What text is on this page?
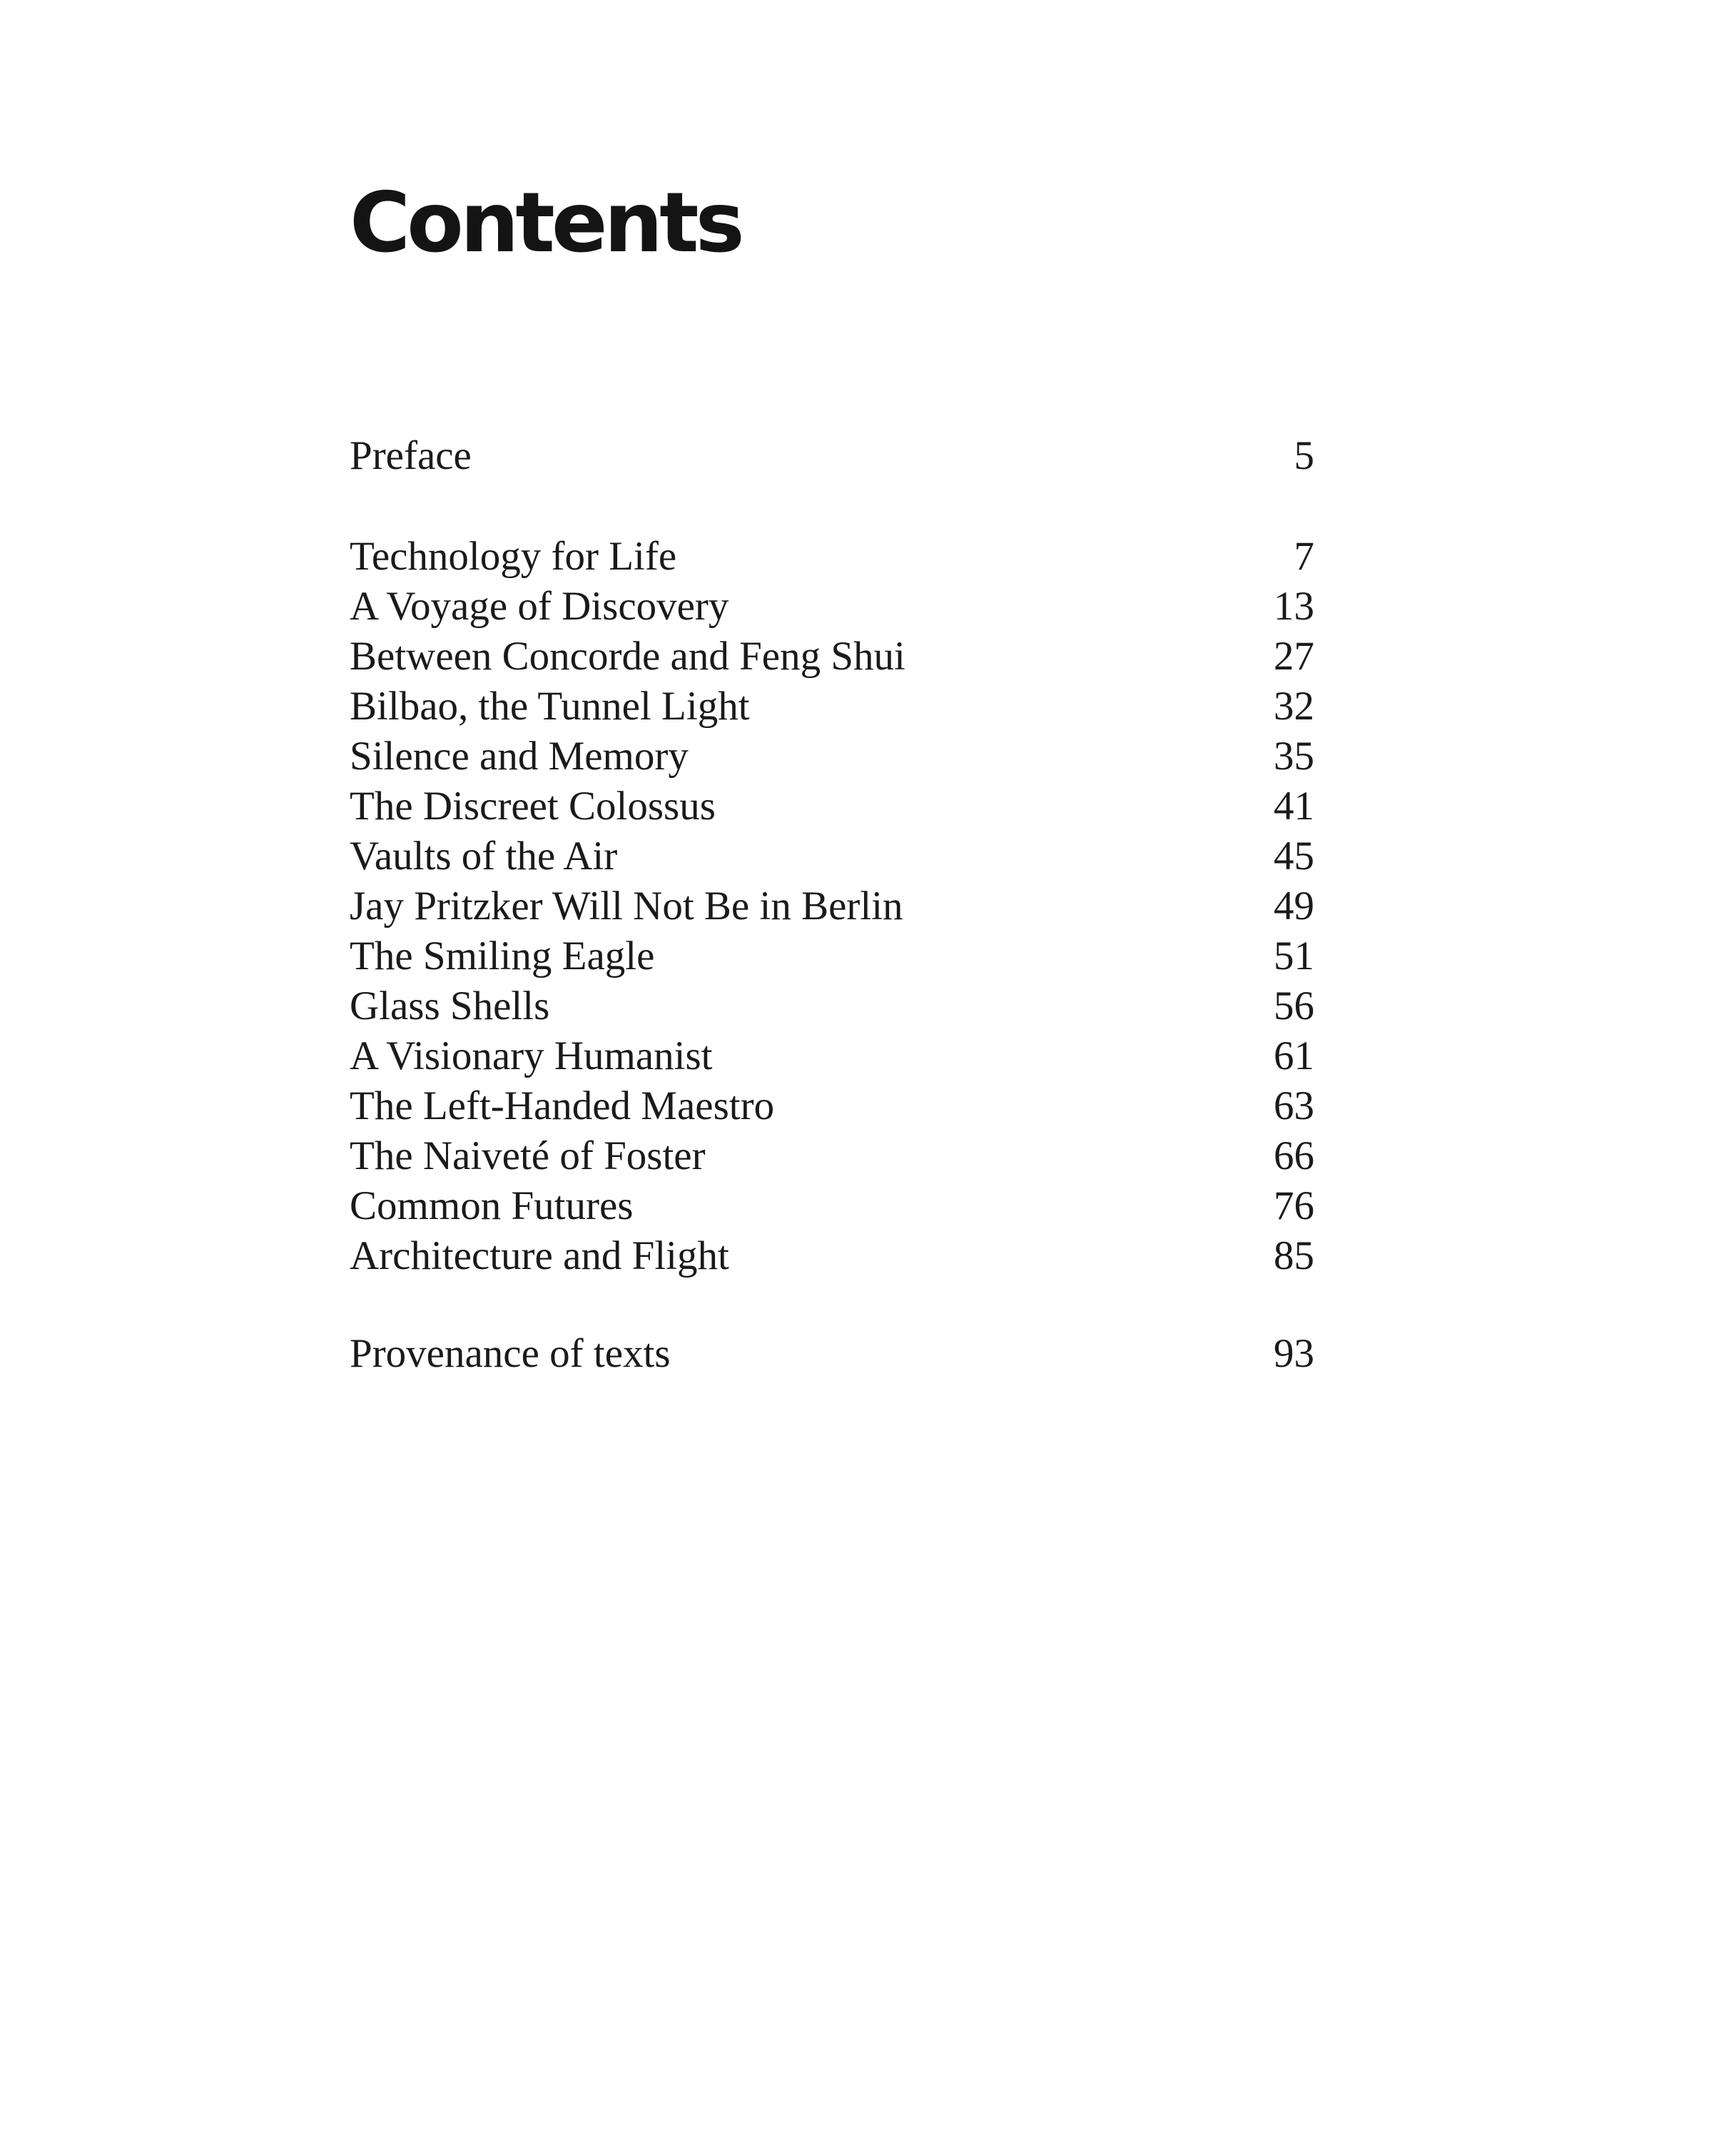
Contents
Preface	5
Technology for Life	7
A Voyage of Discovery	13
Between Concorde and Feng Shui	27
Bilbao, the Tunnel Light	32
Silence and Memory	35
The Discreet Colossus	41
Vaults of the Air	45
Jay Pritzker Will Not Be in Berlin	49
The Smiling Eagle	51
Glass Shells	56
A Visionary Humanist	61
The Left-Handed Maestro	63
The Naiveté of Foster	66
Common Futures	76
Architecture and Flight	85
Provenance of texts	93
